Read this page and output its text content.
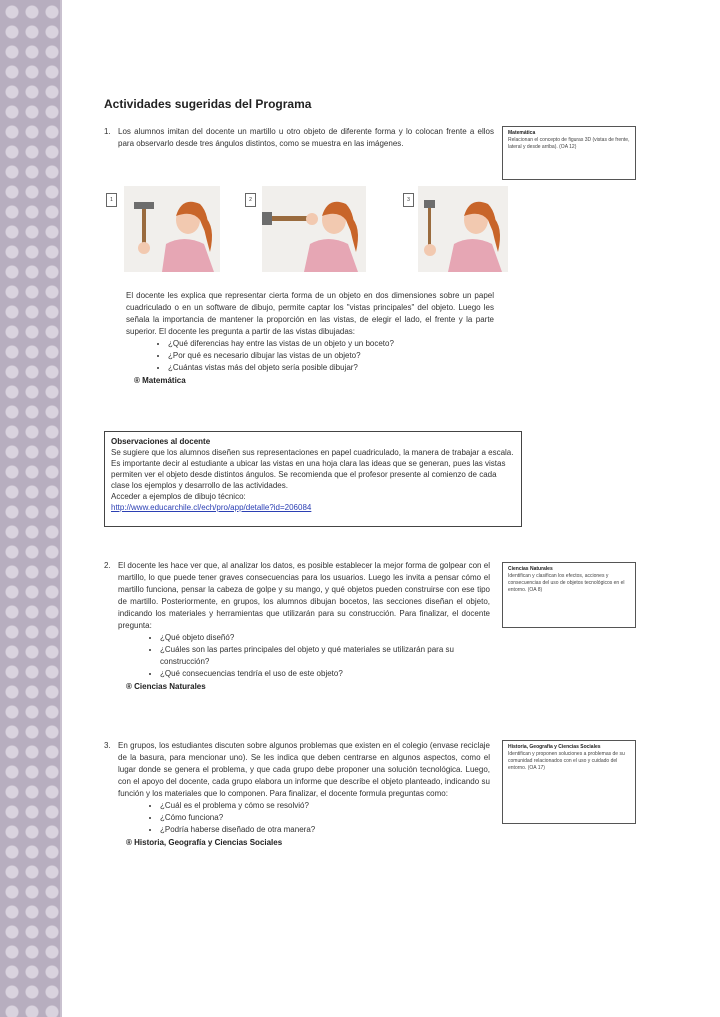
Actividades sugeridas del Programa
1. Los alumnos imitan del docente un martillo u otro objeto de diferente forma y lo colocan frente a ellos para observarlo desde tres ángulos distintos, como se muestra en las imágenes.

Matemática
Relacionan el concepto de figuras 3D (vistas de frente, lateral y desde arriba). (OA 12)
1	2	3

El docente les explica que representar cierta forma de un objeto en dos dimensiones sobre un papel cuadriculado o en un software de dibujo, permite captar los "vistas principales" del objeto. Luego les señala la importancia de mantener la proporción en las vistas, de elegir el lado, el frente y la parte superior. El docente les pregunta a partir de las vistas dibujadas:

• ¿Qué diferencias hay entre las vistas de un objeto y un boceto?
• ¿Por qué es necesario dibujar las vistas de un objeto?
• ¿Cuántas vistas más del objeto sería posible dibujar?
® Matemática
Observaciones al docente

Se sugiere que los alumnos diseñen sus representaciones en papel cuadriculado, la manera de trabajar a escala. Es importante decir al estudiante a ubicar las vistas en una hoja clara las ideas que se generan, pues las vistas permiten ver el objeto desde distintos ángulos. Se recomienda que el profesor presente al comienzo de cada clase los ejemplos y desarrollo de las actividades.

Acceder a ejemplos de dibujo técnico:

http://www.educarchile.cl/ech/pro/app/detalle?id=206084

2. El docente les hace ver que, al analizar los datos, es posible establecer la mejor forma de golpear con el martillo, lo que puede tener graves consecuencias para los usuarios. Luego les invita a pensar cómo el martillo funciona, pensar la cabeza de golpe y su mango, y qué objetos pueden construirse con ese tipo de martillo. Posteriormente, en grupos, los alumnos dibujan bocetos, las secciones diseñan el objeto, indicando los materiales y herramientas que utilizarán para su construcción. Para finalizar, el docente pregunta:

• ¿Qué objeto diseñó?
• ¿Cuáles son las partes principales del objeto y qué materiales se utilizarán para su construcción?
• ¿Qué consecuencias tendría el uso de este objeto?
® Ciencias Naturales
Ciencias Naturales
Identifican y clasifican los efectos, acciones y consecuencias del uso de objetos tecnológicos en el entorno. (OA 8)
3. En grupos, los estudiantes discuten sobre algunos problemas que existen en el colegio (envase reciclaje de la basura, para mencionar uno). Se les indica que deben centrarse en algunos aspectos, como el lugar donde se genera el problema, y que cada grupo debe proponer una solución tecnológica. Luego, con el apoyo del docente, cada grupo elabora un informe que describe el objeto planteado, indicando su función y los materiales que lo componen. Para finalizar, el docente formula preguntas como:

• ¿Cuál es el problema y cómo se resolvió?
• ¿Cómo funciona?
• ¿Podría haberse diseñado de otra manera?
® Historia, Geografía y Ciencias Sociales
Historia, Geografía y Ciencias Sociales
Identifican y proponen soluciones a problemas de su comunidad relacionados con el uso y cuidado del entorno. (OA 17)
